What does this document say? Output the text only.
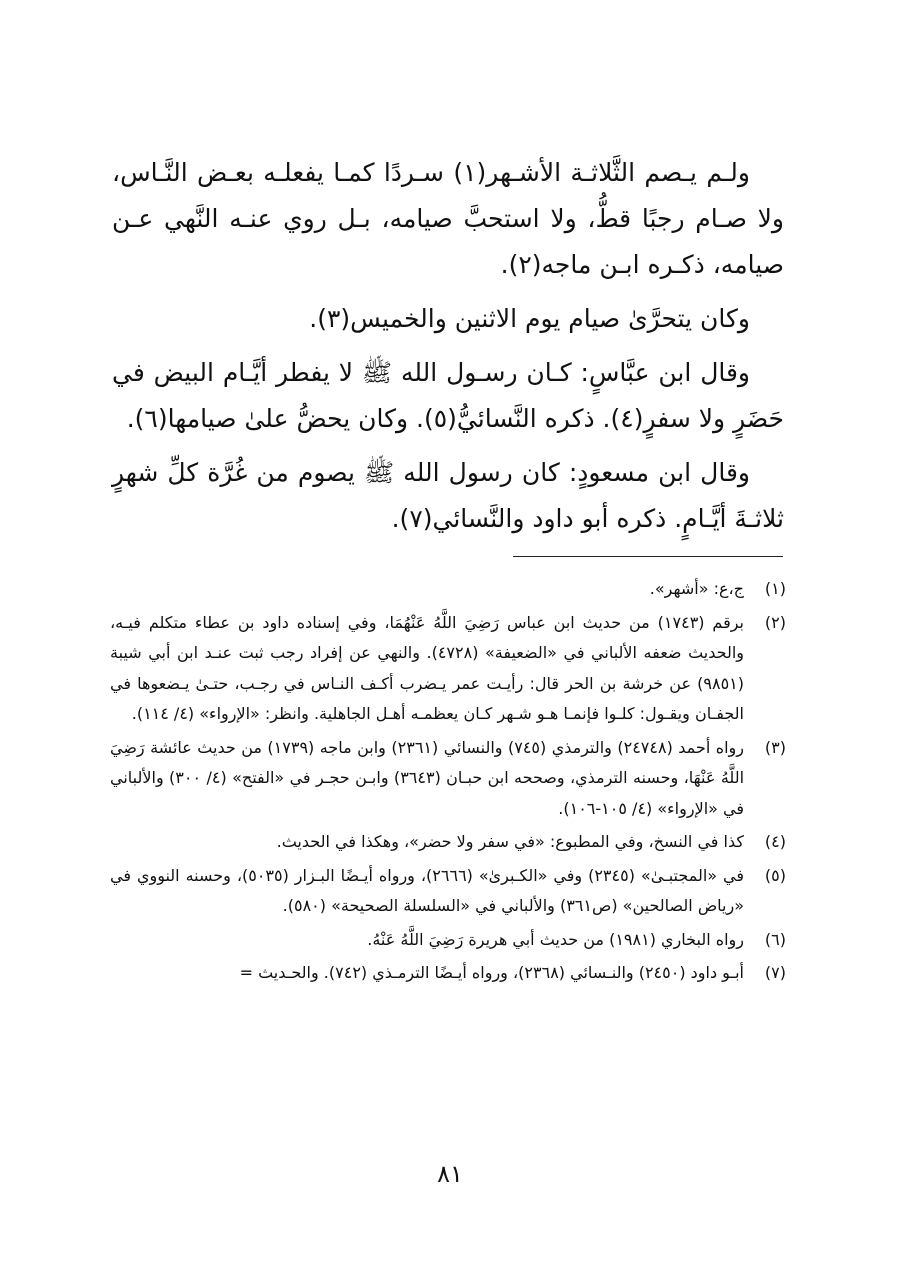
ولـم يـصم الثَّلاثـة الأشـهر(١) سـردًا كمـا يفعلـه بعـض النَّـاس، ولا صـام رجبًا قطُّ، ولا استحبَّ صيامه، بـل روي عنـه النَّهي عـن صيامه، ذكـره ابـن ماجه(٢).

وكان يتحرَّىٰ صيام يوم الاثنين والخميس(٣).

وقال ابن عبَّاسٍ: كـان رسـول الله ﷺ لا يفطر أيَّـام البيض في حَضَرٍ ولا سفرٍ(٤). ذكره النَّسائيُّ(٥). وكان يحضُّ علىٰ صيامها(٦).

وقال ابن مسعودٍ: كان رسول الله ﷺ يصوم من غُرَّة كلِّ شهرٍ ثلاثـةَ أيَّـامٍ. ذكره أبو داود والنَّسائي(٧).

(١)
ج،ع: «أشهر».
(٢)
برقم (١٧٤٣) من حديث ابن عباس رَضِيَ اللَّهُ عَنْهُمَا، وفي إسناده داود بن عطاء متكلم فيـه، والحديث ضعفه الألباني في «الضعيفة» (٤٧٢٨). والنهي عن إفراد رجب ثبت عنـد ابن أبي شيبة (٩٨٥١) عن خرشة بن الحر قال: رأيـت عمر يـضرب أكـف النـاس في رجـب، حتـىٰ يـضعوها في الجفـان ويقـول: كلـوا فإنمـا هـو شـهر كـان يعظمـه أهـل الجاهلية. وانظر: «الإرواء» (٤/ ١١٤).
(٣)
رواه أحمد (٢٤٧٤٨) والترمذي (٧٤٥) والنسائي (٢٣٦١) وابن ماجه (١٧٣٩) من حديث عائشة رَضِيَ اللَّهُ عَنْهَا، وحسنه الترمذي، وصححه ابن حبـان (٣٦٤٣) وابـن حجـر في «الفتح» (٤/ ٣٠٠) والألباني في «الإرواء» (٤/ ١٠٥-١٠٦).
(٤)
كذا في النسخ، وفي المطبوع: «في سفر ولا حضر»، وهكذا في الحديث.
(٥)
في «المجتبـىٰ» (٢٣٤٥) وفي «الكـبرىٰ» (٢٦٦٦)، ورواه أيـضًا البـزار (٥٠٣٥)، وحسنه النووي في «رياض الصالحين» (ص٣٦١) والألباني في «السلسلة الصحيحة» (٥٨٠).
(٦)
رواه البخاري (١٩٨١) من حديث أبي هريرة رَضِيَ اللَّهُ عَنْهُ.
(٧)
أبـو داود (٢٤٥٠) والنـسائي (٢٣٦٨)، ورواه أيـضًا الترمـذي (٧٤٢). والحـديث =
٨١
